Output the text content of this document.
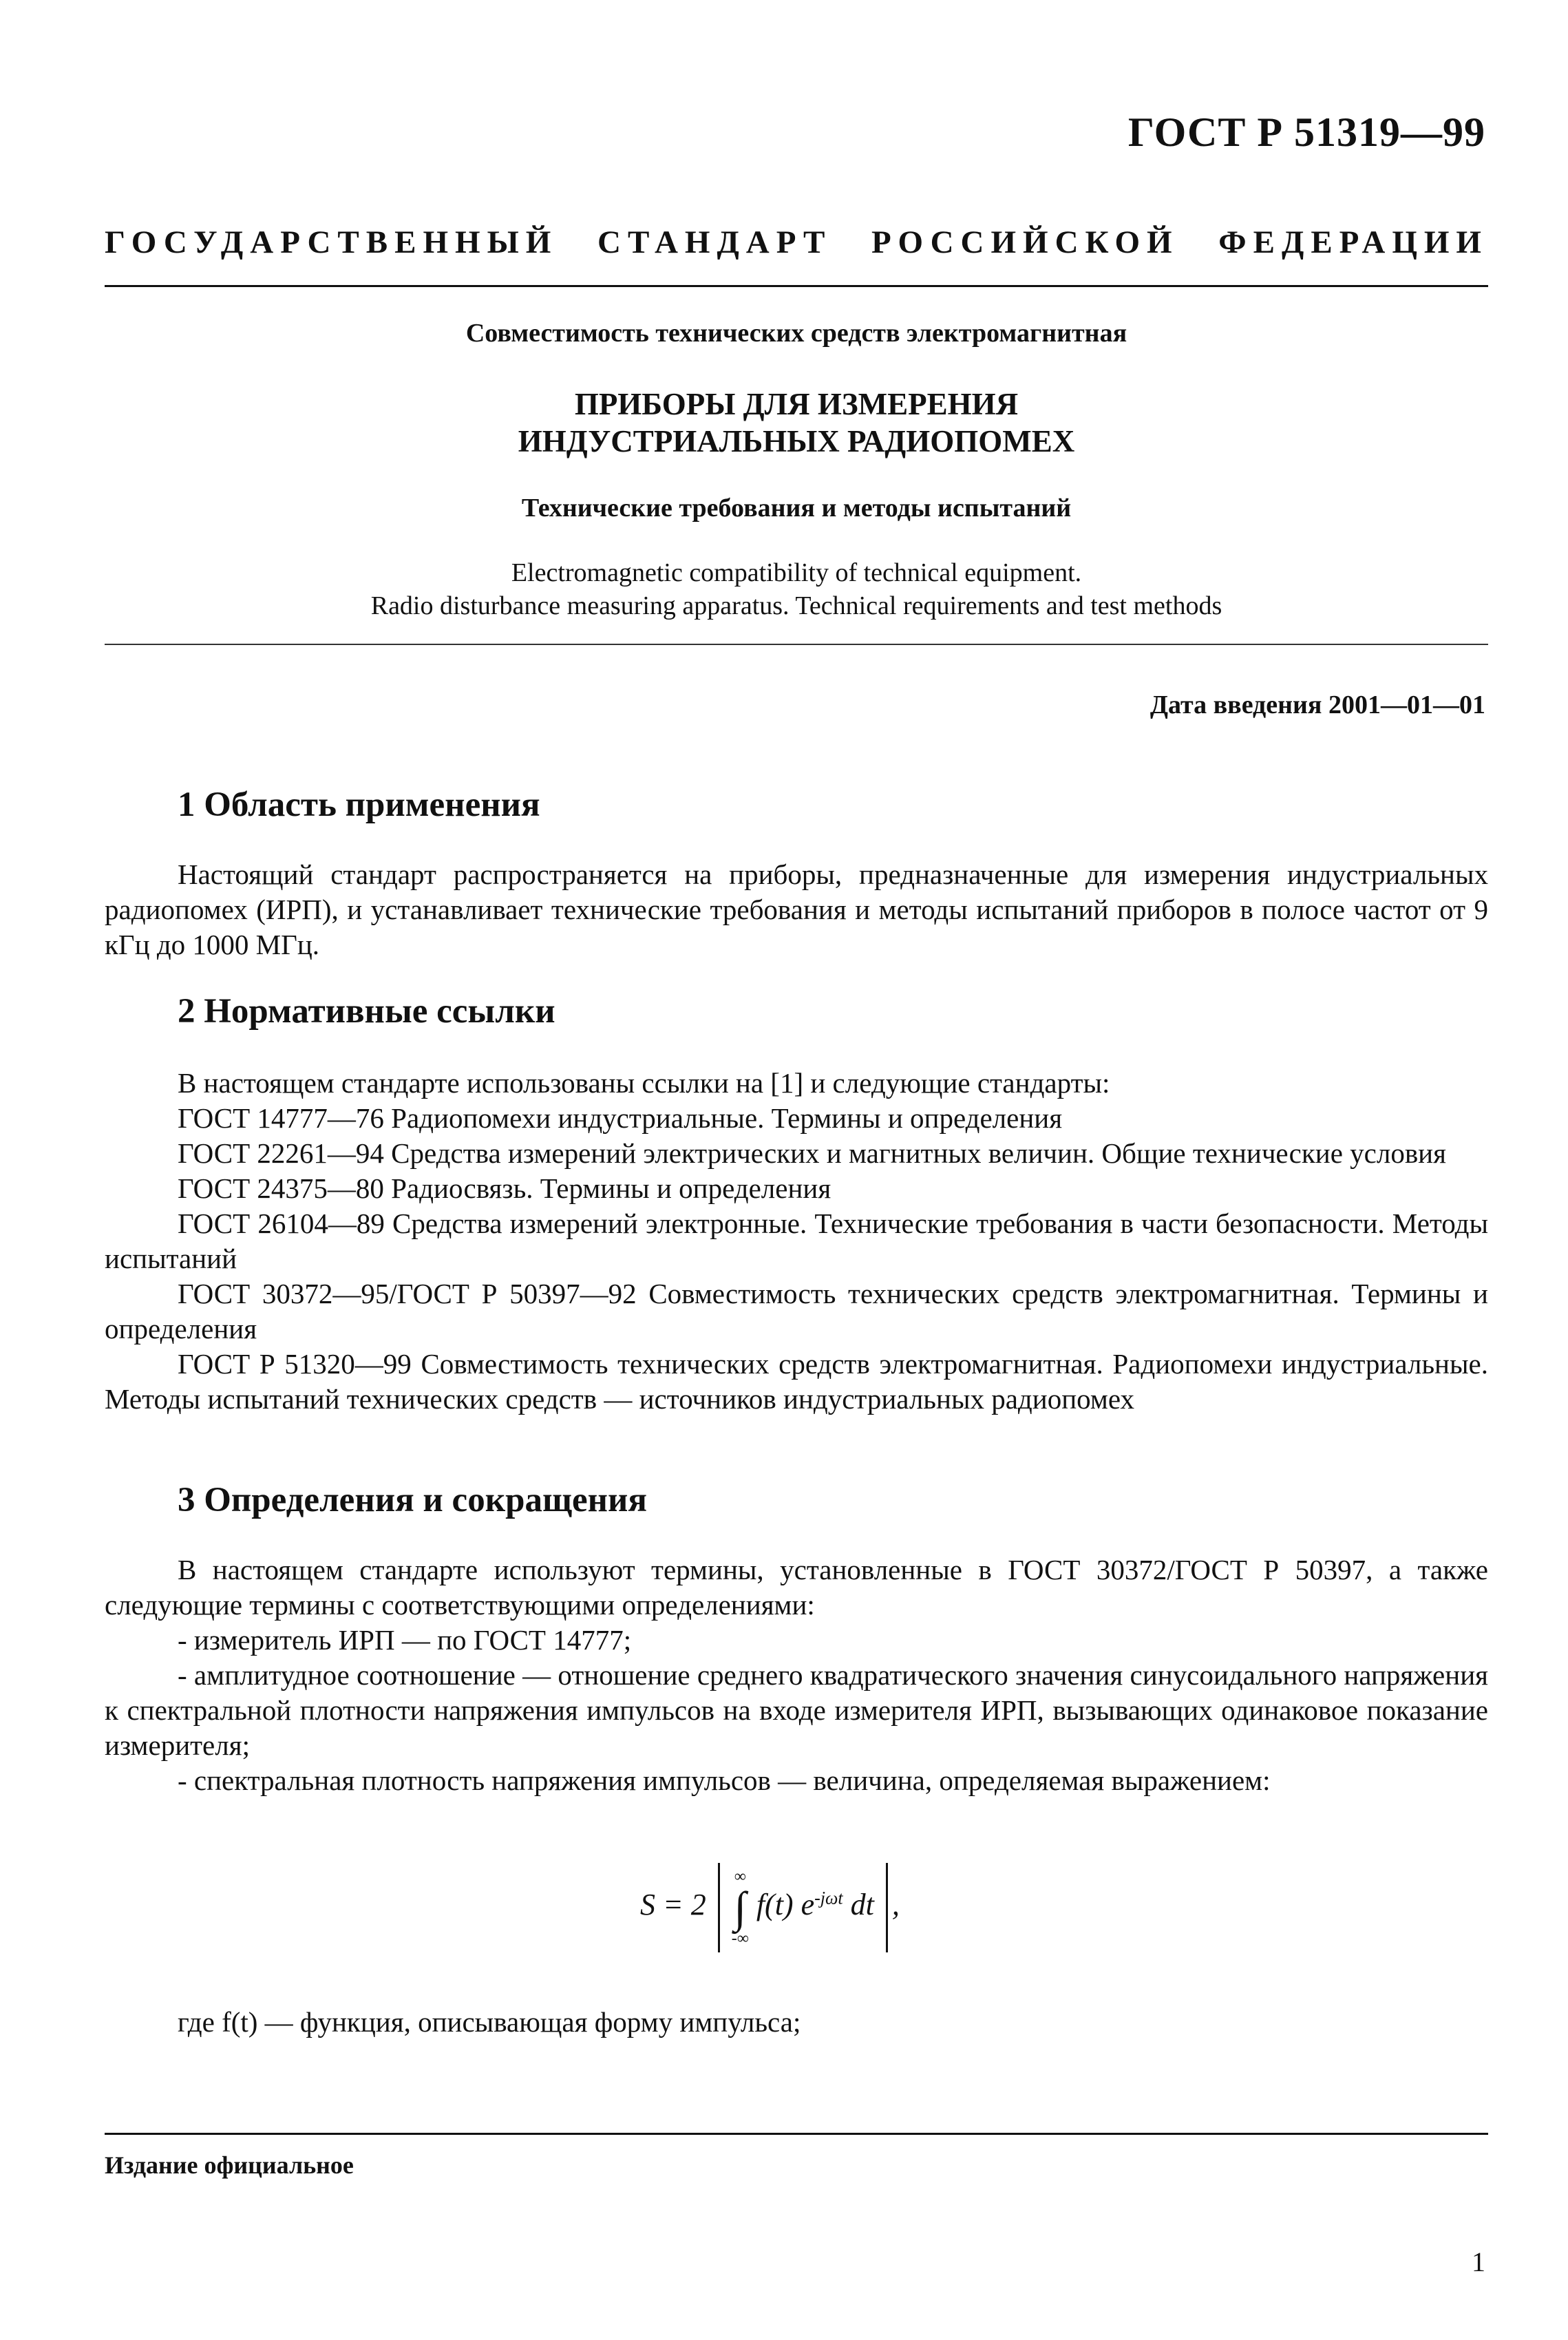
ГОСТ Р 51319—99
ГОСУДАРСТВЕННЫЙ СТАНДАРТ РОССИЙСКОЙ ФЕДЕРАЦИИ
Совместимость технических средств электромагнитная
ПРИБОРЫ ДЛЯ ИЗМЕРЕНИЯ
ИНДУСТРИАЛЬНЫХ РАДИОПОМЕХ
Технические требования и методы испытаний
Electromagnetic compatibility of technical equipment.
Radio disturbance measuring apparatus. Technical requirements and test methods
Дата введения 2001—01—01
1 Область применения
Настоящий стандарт распространяется на приборы, предназначенные для измерения индустриальных радиопомех (ИРП), и устанавливает технические требования и методы испытаний приборов в полосе частот от 9 кГц до 1000 МГц.
2 Нормативные ссылки
В настоящем стандарте использованы ссылки на [1] и следующие стандарты:
ГОСТ 14777—76 Радиопомехи индустриальные. Термины и определения
ГОСТ 22261—94 Средства измерений электрических и магнитных величин. Общие технические условия
ГОСТ 24375—80 Радиосвязь. Термины и определения
ГОСТ 26104—89 Средства измерений электронные. Технические требования в части безопасности. Методы испытаний
ГОСТ 30372—95/ГОСТ Р 50397—92 Совместимость технических средств электромагнитная. Термины и определения
ГОСТ Р 51320—99 Совместимость технических средств электромагнитная. Радиопомехи индустриальные. Методы испытаний технических средств — источников индустриальных радиопомех
3 Определения и сокращения
В настоящем стандарте используют термины, установленные в ГОСТ 30372/ГОСТ Р 50397, а также следующие термины с соответствующими определениями:
- измеритель ИРП — по ГОСТ 14777;
- амплитудное соотношение — отношение среднего квадратического значения синусоидального напряжения к спектральной плотности напряжения импульсов на входе измерителя ИРП, вызывающих одинаковое показание измерителя;
- спектральная плотность напряжения импульсов — величина, определяемая выражением:
S = 2
∞
∫
-∞
f(t) $e^{-j\omega t}$ dt ,
где f(t) — функция, описывающая форму импульса;
Издание официальное
1
